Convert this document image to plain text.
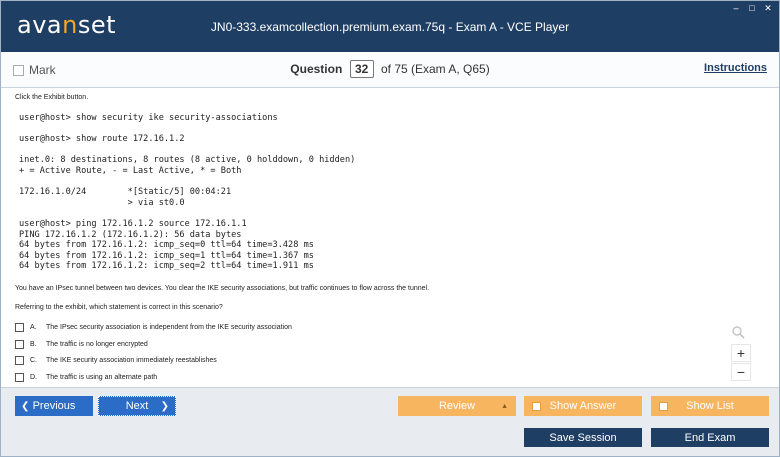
avanset	JN0-333.examcollection.premium.exam.75q - Exam A - VCE Player
– □ ✕
Mark	Question 32 of 75 (Exam A, Q65)	Instructions
Click the Exhibit button.
user@host> show security ike security-associations

user@host> show route 172.16.1.2

inet.0: 8 destinations, 8 routes (8 active, 0 holddown, 0 hidden)
+ = Active Route, - = Last Active, * = Both

172.16.1.0/24        *[Static/5] 00:04:21
> via st0.0

user@host> ping 172.16.1.2 source 172.16.1.1
PING 172.16.1.2 (172.16.1.2): 56 data bytes
64 bytes from 172.16.1.2: icmp_seq=0 ttl=64 time=3.428 ms
64 bytes from 172.16.1.2: icmp_seq=1 ttl=64 time=1.367 ms
64 bytes from 172.16.1.2: icmp_seq=2 ttl=64 time=1.911 ms
You have an IPsec tunnel between two devices. You clear the IKE security associations, but traffic continues to flow across the tunnel.
Referring to the exhibit, which statement is correct in this scenario?
A.	The IPsec security association is independent from the IKE security association
B.	The traffic is no longer encrypted
C.	The IKE security association immediately reestablishes
D.	The traffic is using an alternate path
+
−
❮ Previous	Next ❯	Review	▲	Show Answer	Show List
Save Session	End Exam
